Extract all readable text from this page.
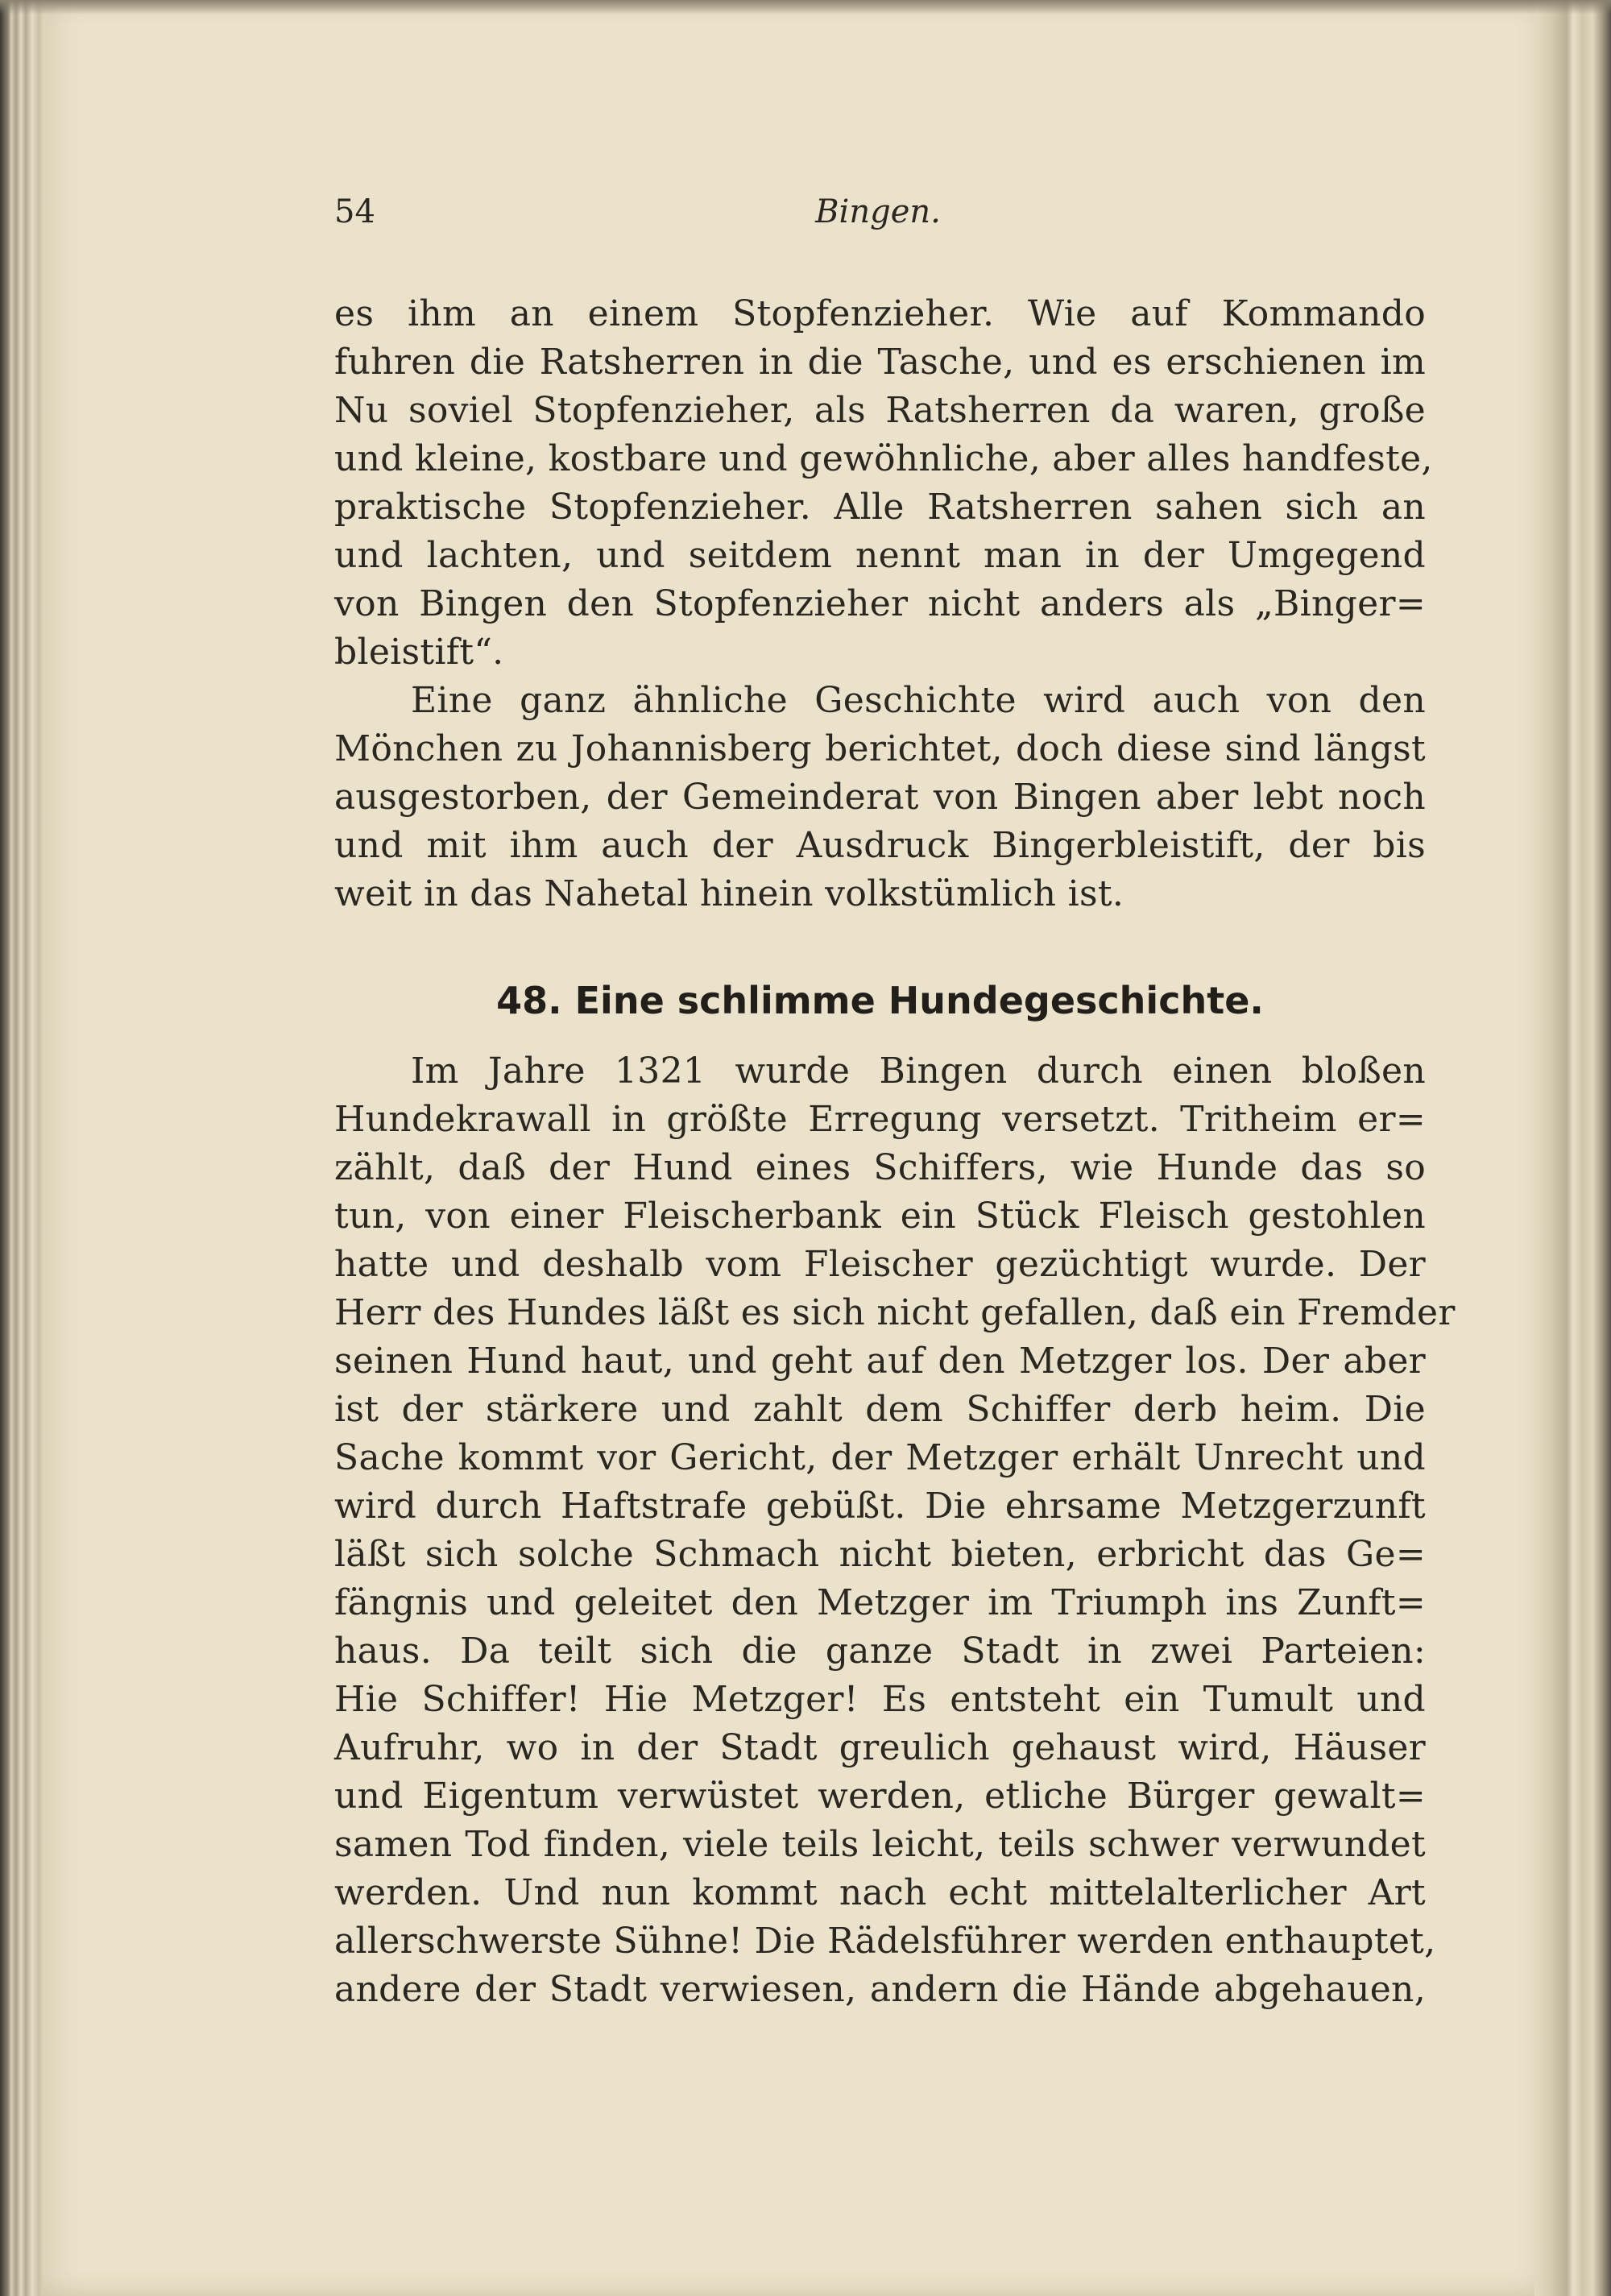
54	Bingen.
es ihm an einem Stopfenzieher. Wie auf Kommando
fuhren die Ratsherren in die Tasche, und es erschienen im
Nu soviel Stopfenzieher, als Ratsherren da waren, große
und kleine, kostbare und gewöhnliche, aber alles handfeste,
praktische Stopfenzieher. Alle Ratsherren sahen sich an
und lachten, und seitdem nennt man in der Umgegend
von Bingen den Stopfenzieher nicht anders als „Binger=
bleistift“.
Eine ganz ähnliche Geschichte wird auch von den
Mönchen zu Johannisberg berichtet, doch diese sind längst
ausgestorben, der Gemeinderat von Bingen aber lebt noch
und mit ihm auch der Ausdruck Bingerbleistift, der bis
weit in das Nahetal hinein volkstümlich ist.
48. Eine schlimme Hundegeschichte.
Im Jahre 1321 wurde Bingen durch einen bloßen
Hundekrawall in größte Erregung versetzt. Tritheim er=
zählt, daß der Hund eines Schiffers, wie Hunde das so
tun, von einer Fleischerbank ein Stück Fleisch gestohlen
hatte und deshalb vom Fleischer gezüchtigt wurde. Der
Herr des Hundes läßt es sich nicht gefallen, daß ein Fremder
seinen Hund haut, und geht auf den Metzger los. Der aber
ist der stärkere und zahlt dem Schiffer derb heim. Die
Sache kommt vor Gericht, der Metzger erhält Unrecht und
wird durch Haftstrafe gebüßt. Die ehrsame Metzgerzunft
läßt sich solche Schmach nicht bieten, erbricht das Ge=
fängnis und geleitet den Metzger im Triumph ins Zunft=
haus. Da teilt sich die ganze Stadt in zwei Parteien:
Hie Schiffer! Hie Metzger! Es entsteht ein Tumult und
Aufruhr, wo in der Stadt greulich gehaust wird, Häuser
und Eigentum verwüstet werden, etliche Bürger gewalt=
samen Tod finden, viele teils leicht, teils schwer verwundet
werden. Und nun kommt nach echt mittelalterlicher Art
allerschwerste Sühne! Die Rädelsführer werden enthauptet,
andere der Stadt verwiesen, andern die Hände abgehauen,
